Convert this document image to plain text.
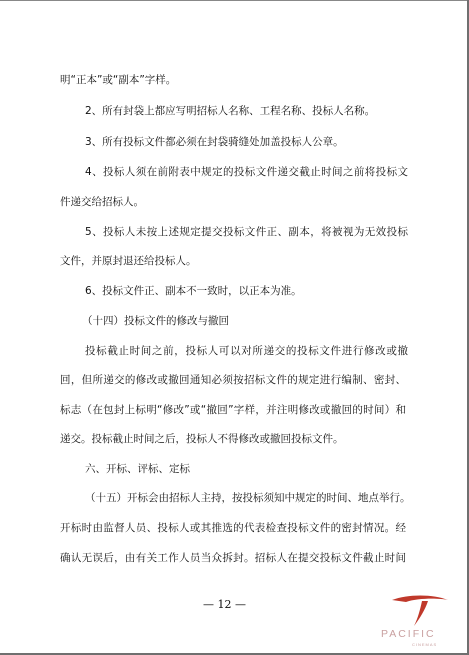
明“正本”或“副本”字样。
2、所有封袋上都应写明招标人名称、工程名称、投标人名称。
3、所有投标文件都必须在封袋骑缝处加盖投标人公章。
4、投标人须在前附表中规定的投标文件递交截止时间之前将投标文
件递交给招标人。
5、投标人未按上述规定提交投标文件正、副本，将被视为无效投标
文件，并原封退还给投标人。
6、投标文件正、副本不一致时，以正本为准。
（十四）投标文件的修改与撤回
投标截止时间之前，投标人可以对所递交的投标文件进行修改或撤
回，但所递交的修改或撤回通知必须按招标文件的规定进行编制、密封、
标志（在包封上标明“修改”或“撤回”字样，并注明修改或撤回的时间）和
递交。投标截止时间之后，投标人不得修改或撤回投标文件。
六、开标、评标、定标
（十五）开标会由招标人主持，按投标须知中规定的时间、地点举行。
开标时由监督人员、投标人或其推选的代表检查投标文件的密封情况。经
确认无误后，由有关工作人员当众拆封。招标人在提交投标文件截止时间
— 12 —
PACIFIC
CINEMAS
